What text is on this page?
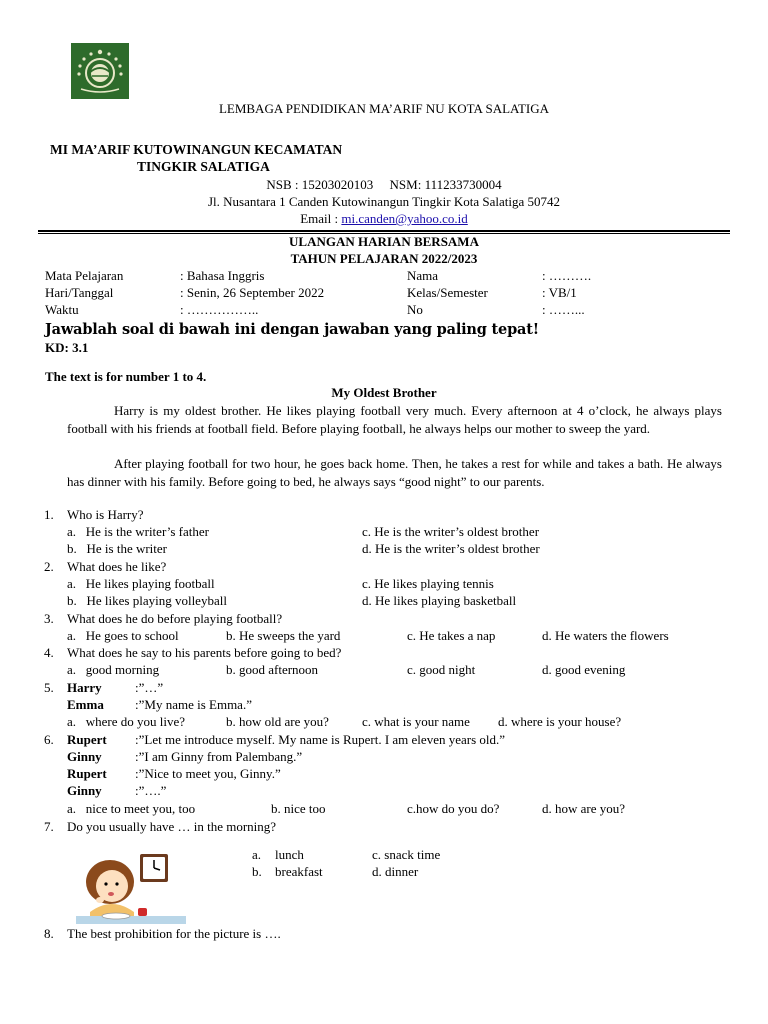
LEMBAGA PENDIDIKAN MA’ARIF NU KOTA SALATIGA
MI MA’ARIF KUTOWINANGUN KECAMATAN
TINGKIR SALATIGA
NSB : 15203020103     NSM: 111233730004
Jl. Nusantara 1 Canden Kutowinangun Tingkir Kota Salatiga 50742
Email : mi.canden@yahoo.co.id
ULANGAN HARIAN BERSAMA
TAHUN PELAJARAN 2022/2023
Mata Pelajaran	: Bahasa Inggris	Nama	: ……….
Hari/Tanggal	: Senin, 26 September 2022	Kelas/Semester	: VB/1
Waktu	: ……………..	No	: ……...
Jawablah soal di bawah ini dengan jawaban yang paling tepat!
KD: 3.1
The text is for number 1 to 4.
My Oldest Brother
Harry is my oldest brother. He likes playing football very much. Every afternoon at 4 o’clock, he always plays football with his friends at football field. Before playing football, he always helps our mother to sweep the yard.
After playing football for two hour, he goes back home. Then, he takes a rest for while and takes a bath. He always has dinner with his family. Before going to bed, he always says “good night” to our parents.
1. Who is Harry?
a.   He is the writer’s father	c. He is the writer’s oldest brother
b.   He is the writer	d. He is the writer’s oldest brother
2. What does he like?
a.   He likes playing football	c. He likes playing tennis
b.   He likes playing volleyball	d. He likes playing basketball
3. What does he do before playing football?
a.   He goes to school	b. He sweeps the yard	c. He takes a nap	d. He waters the flowers
4. What does he say to his parents before going to bed?
a.   good morning	b. good afternoon	c. good night	d. good evening
5. Harry	:”…”
Emma :”My name is Emma.”
a.   where do you live?	b. how old are you?	c. what is your name d. where is your house?
6. Rupert :”Let me introduce myself. My name is Rupert. I am eleven years old.”
Ginny	:”I am Ginny from Palembang.”
Rupert :”Nice to meet you, Ginny.”
Ginny	:”….”
a.   nice to meet you, too	b. nice too	c.how do you do?	d. how are you?
7. Do you usually have … in the morning?
a. lunch	c. snack time
b. breakfast	d. dinner
8. The best prohibition for the picture is ….
